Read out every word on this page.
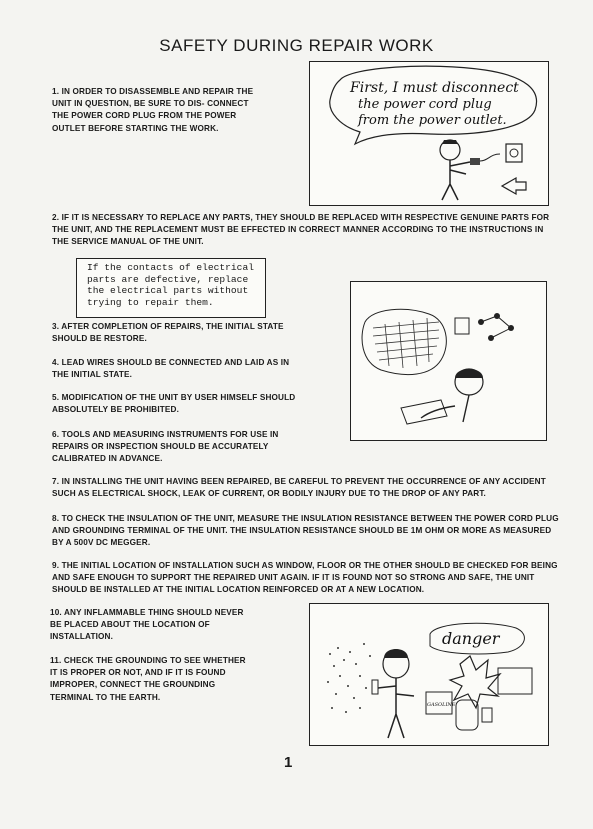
SAFETY DURING REPAIR WORK
1. IN ORDER TO DISASSEMBLE AND REPAIR THE UNIT IN QUESTION, BE SURE TO DIS- CONNECT THE POWER CORD PLUG FROM THE POWER OUTLET BEFORE STARTING THE WORK.
First, I must disconnect
the power cord plug
from the power outlet.
2. IF IT IS NECESSARY TO REPLACE ANY PARTS, THEY SHOULD BE REPLACED WITH RESPECTIVE GENUINE PARTS FOR THE UNIT, AND THE REPLACEMENT MUST BE EFFECTED IN CORRECT MANNER ACCORDING TO THE INSTRUCTIONS IN THE SERVICE MANUAL OF THE UNIT.
If the contacts of electrical
parts are defective, replace
the electrical parts without
trying to repair them.
3. AFTER COMPLETION OF REPAIRS, THE INITIAL STATE SHOULD BE RESTORE.
4. LEAD WIRES SHOULD BE CONNECTED AND LAID AS IN THE INITIAL STATE.
5. MODIFICATION OF THE UNIT BY USER HIMSELF SHOULD ABSOLUTELY BE PROHIBITED.
6. TOOLS AND MEASURING INSTRUMENTS FOR USE IN REPAIRS OR INSPECTION SHOULD BE ACCURATELY CALIBRATED IN ADVANCE.
7. IN INSTALLING THE UNIT HAVING BEEN REPAIRED, BE CAREFUL TO PREVENT THE OCCURRENCE OF ANY ACCIDENT SUCH AS ELECTRICAL SHOCK, LEAK OF CURRENT, OR BODILY INJURY DUE TO THE DROP OF ANY PART.
8. TO CHECK THE INSULATION OF THE UNIT, MEASURE THE INSULATION RESISTANCE BETWEEN THE POWER CORD PLUG AND GROUNDING TERMINAL OF THE UNIT. THE INSULATION RESISTANCE SHOULD BE 1M OHM OR MORE AS MEASURED BY A 500V DC MEGGER.
9. THE INITIAL LOCATION OF INSTALLATION SUCH AS WINDOW, FLOOR OR THE OTHER SHOULD BE CHECKED FOR BEING AND SAFE ENOUGH TO SUPPORT THE REPAIRED UNIT AGAIN. IF IT IS FOUND NOT SO STRONG AND SAFE, THE UNIT SHOULD BE INSTALLED AT THE INITIAL LOCATION REINFORCED OR AT A NEW LOCATION.
10. ANY INFLAMMABLE THING SHOULD NEVER BE PLACED ABOUT THE LOCATION OF INSTALLATION.
11. CHECK THE GROUNDING TO SEE WHETHER IT IS PROPER OR NOT, AND IF IT IS FOUND IMPROPER, CONNECT THE GROUNDING TERMINAL TO THE EARTH.
danger
GASOLINE
1
